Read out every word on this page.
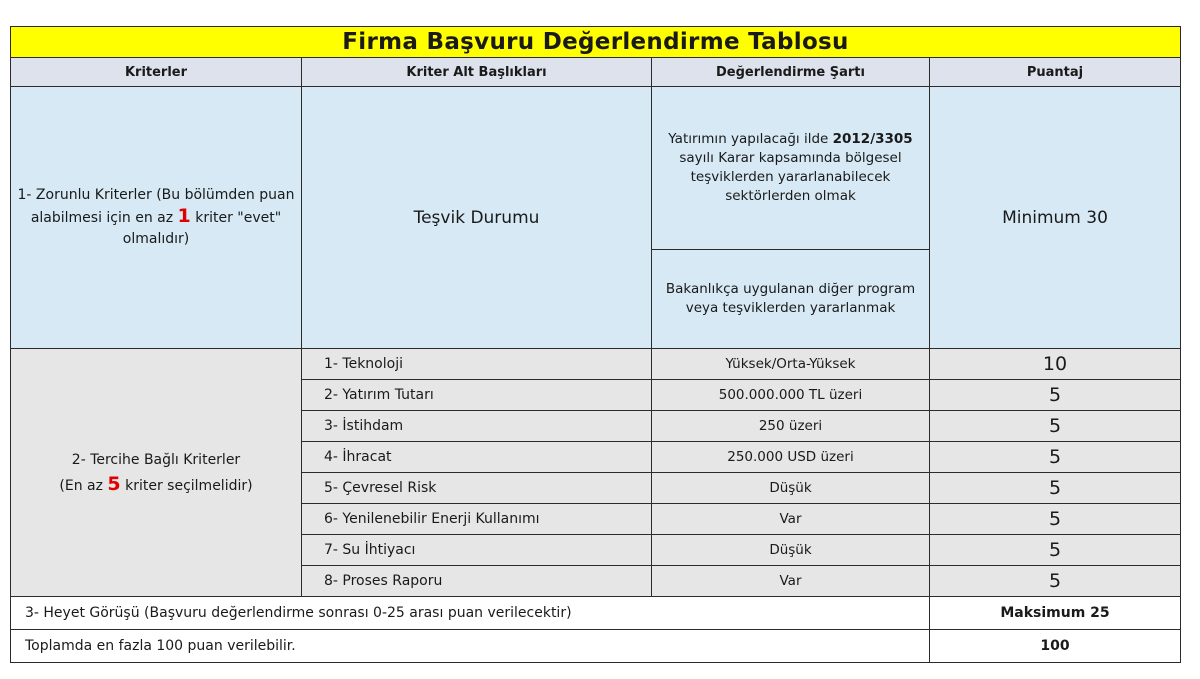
Firma Başvuru Değerlendirme Tablosu			
Kriterler	Kriter Alt Başlıkları	Değerlendirme Şartı	Puantaj
1- Zorunlu Kriterler (Bu bölümden puan alabilmesi için en az 1 kriter "evet" olmalıdır)	Teşvik Durumu	Yatırımın yapılacağı ilde 2012/3305 sayılı Karar kapsamında bölgesel teşviklerden yararlanabilecek sektörlerden olmak	Minimum 30
		Bakanlıkça uygulanan diğer program veya teşviklerden yararlanmak	
2- Tercihe Bağlı Kriterler
(En az 5 kriter seçilmelidir)	1- Teknoloji	Yüksek/Orta-Yüksek	10
	2- Yatırım Tutarı	500.000.000 TL üzeri	5
	3- İstihdam	250 üzeri	5
	4- İhracat	250.000 USD üzeri	5
	5- Çevresel Risk	Düşük	5
	6- Yenilenebilir Enerji Kullanımı	Var	5
	7- Su İhtiyacı	Düşük	5
	8- Proses Raporu	Var	5
3- Heyet Görüşü (Başvuru değerlendirme sonrası 0-25 arası puan verilecektir)			Maksimum 25
Toplamda en fazla 100 puan verilebilir.			100
